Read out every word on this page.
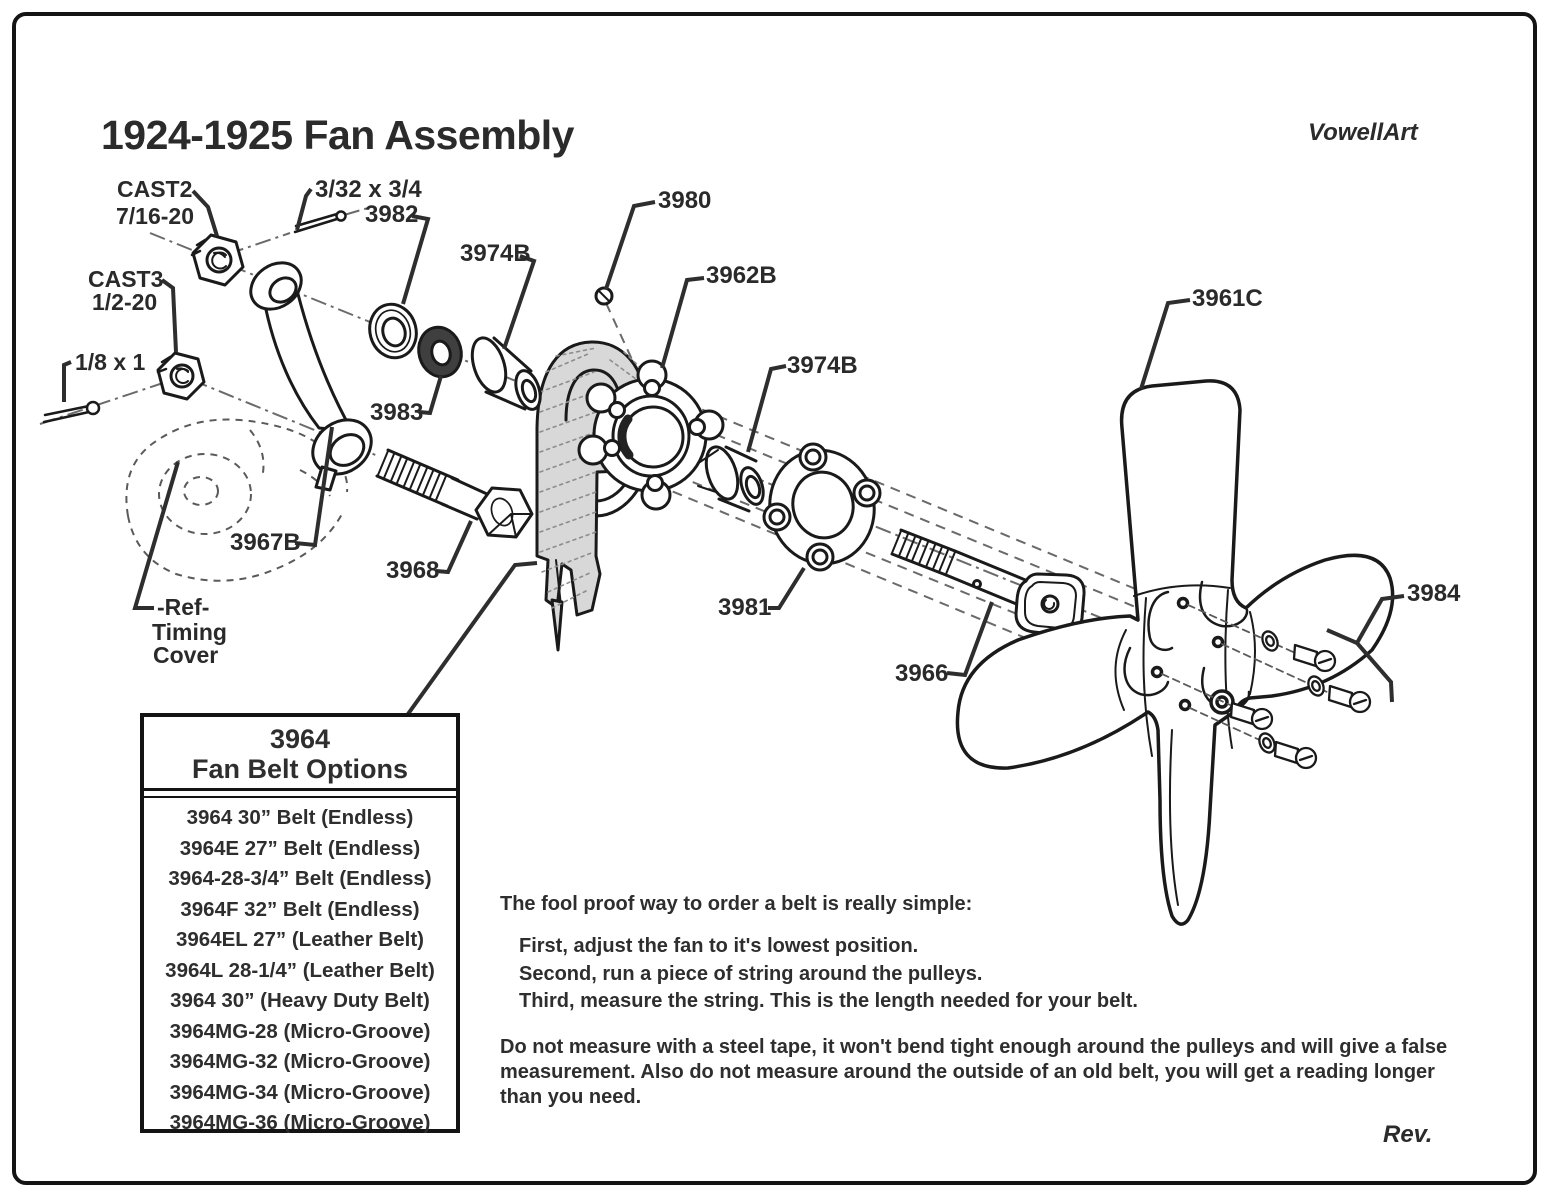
CAST2
7/16-20
3/32 x 3/4
3982
3974B
3980
3962B
3974B
3961C
CAST3
1/2-20
1/8 x 1
3983
3967B
3968
3981
3966
3984
-Ref-
Timing
Cover
1924-1925 Fan Assembly	VowellArt
Rev.
3964
Fan Belt Options
3964 30” Belt (Endless)
3964E 27” Belt (Endless)
3964-28-3/4” Belt (Endless)
3964F 32” Belt (Endless)
3964EL 27” (Leather Belt)
3964L 28-1/4” (Leather Belt)
3964 30” (Heavy Duty Belt)
3964MG-28 (Micro-Groove)
3964MG-32 (Micro-Groove)
3964MG-34 (Micro-Groove)
3964MG-36 (Micro-Groove)
The fool proof way to order a belt is really simple:
First, adjust the fan to it's lowest position.
Second, run a piece of string around the pulleys.
Third, measure the string. This is the length needed for your belt.
Do not measure with a steel tape, it won't bend tight enough around the pulleys and will give a false measurement. Also do not measure around the outside of an old belt, you will get a reading longer than you need.
